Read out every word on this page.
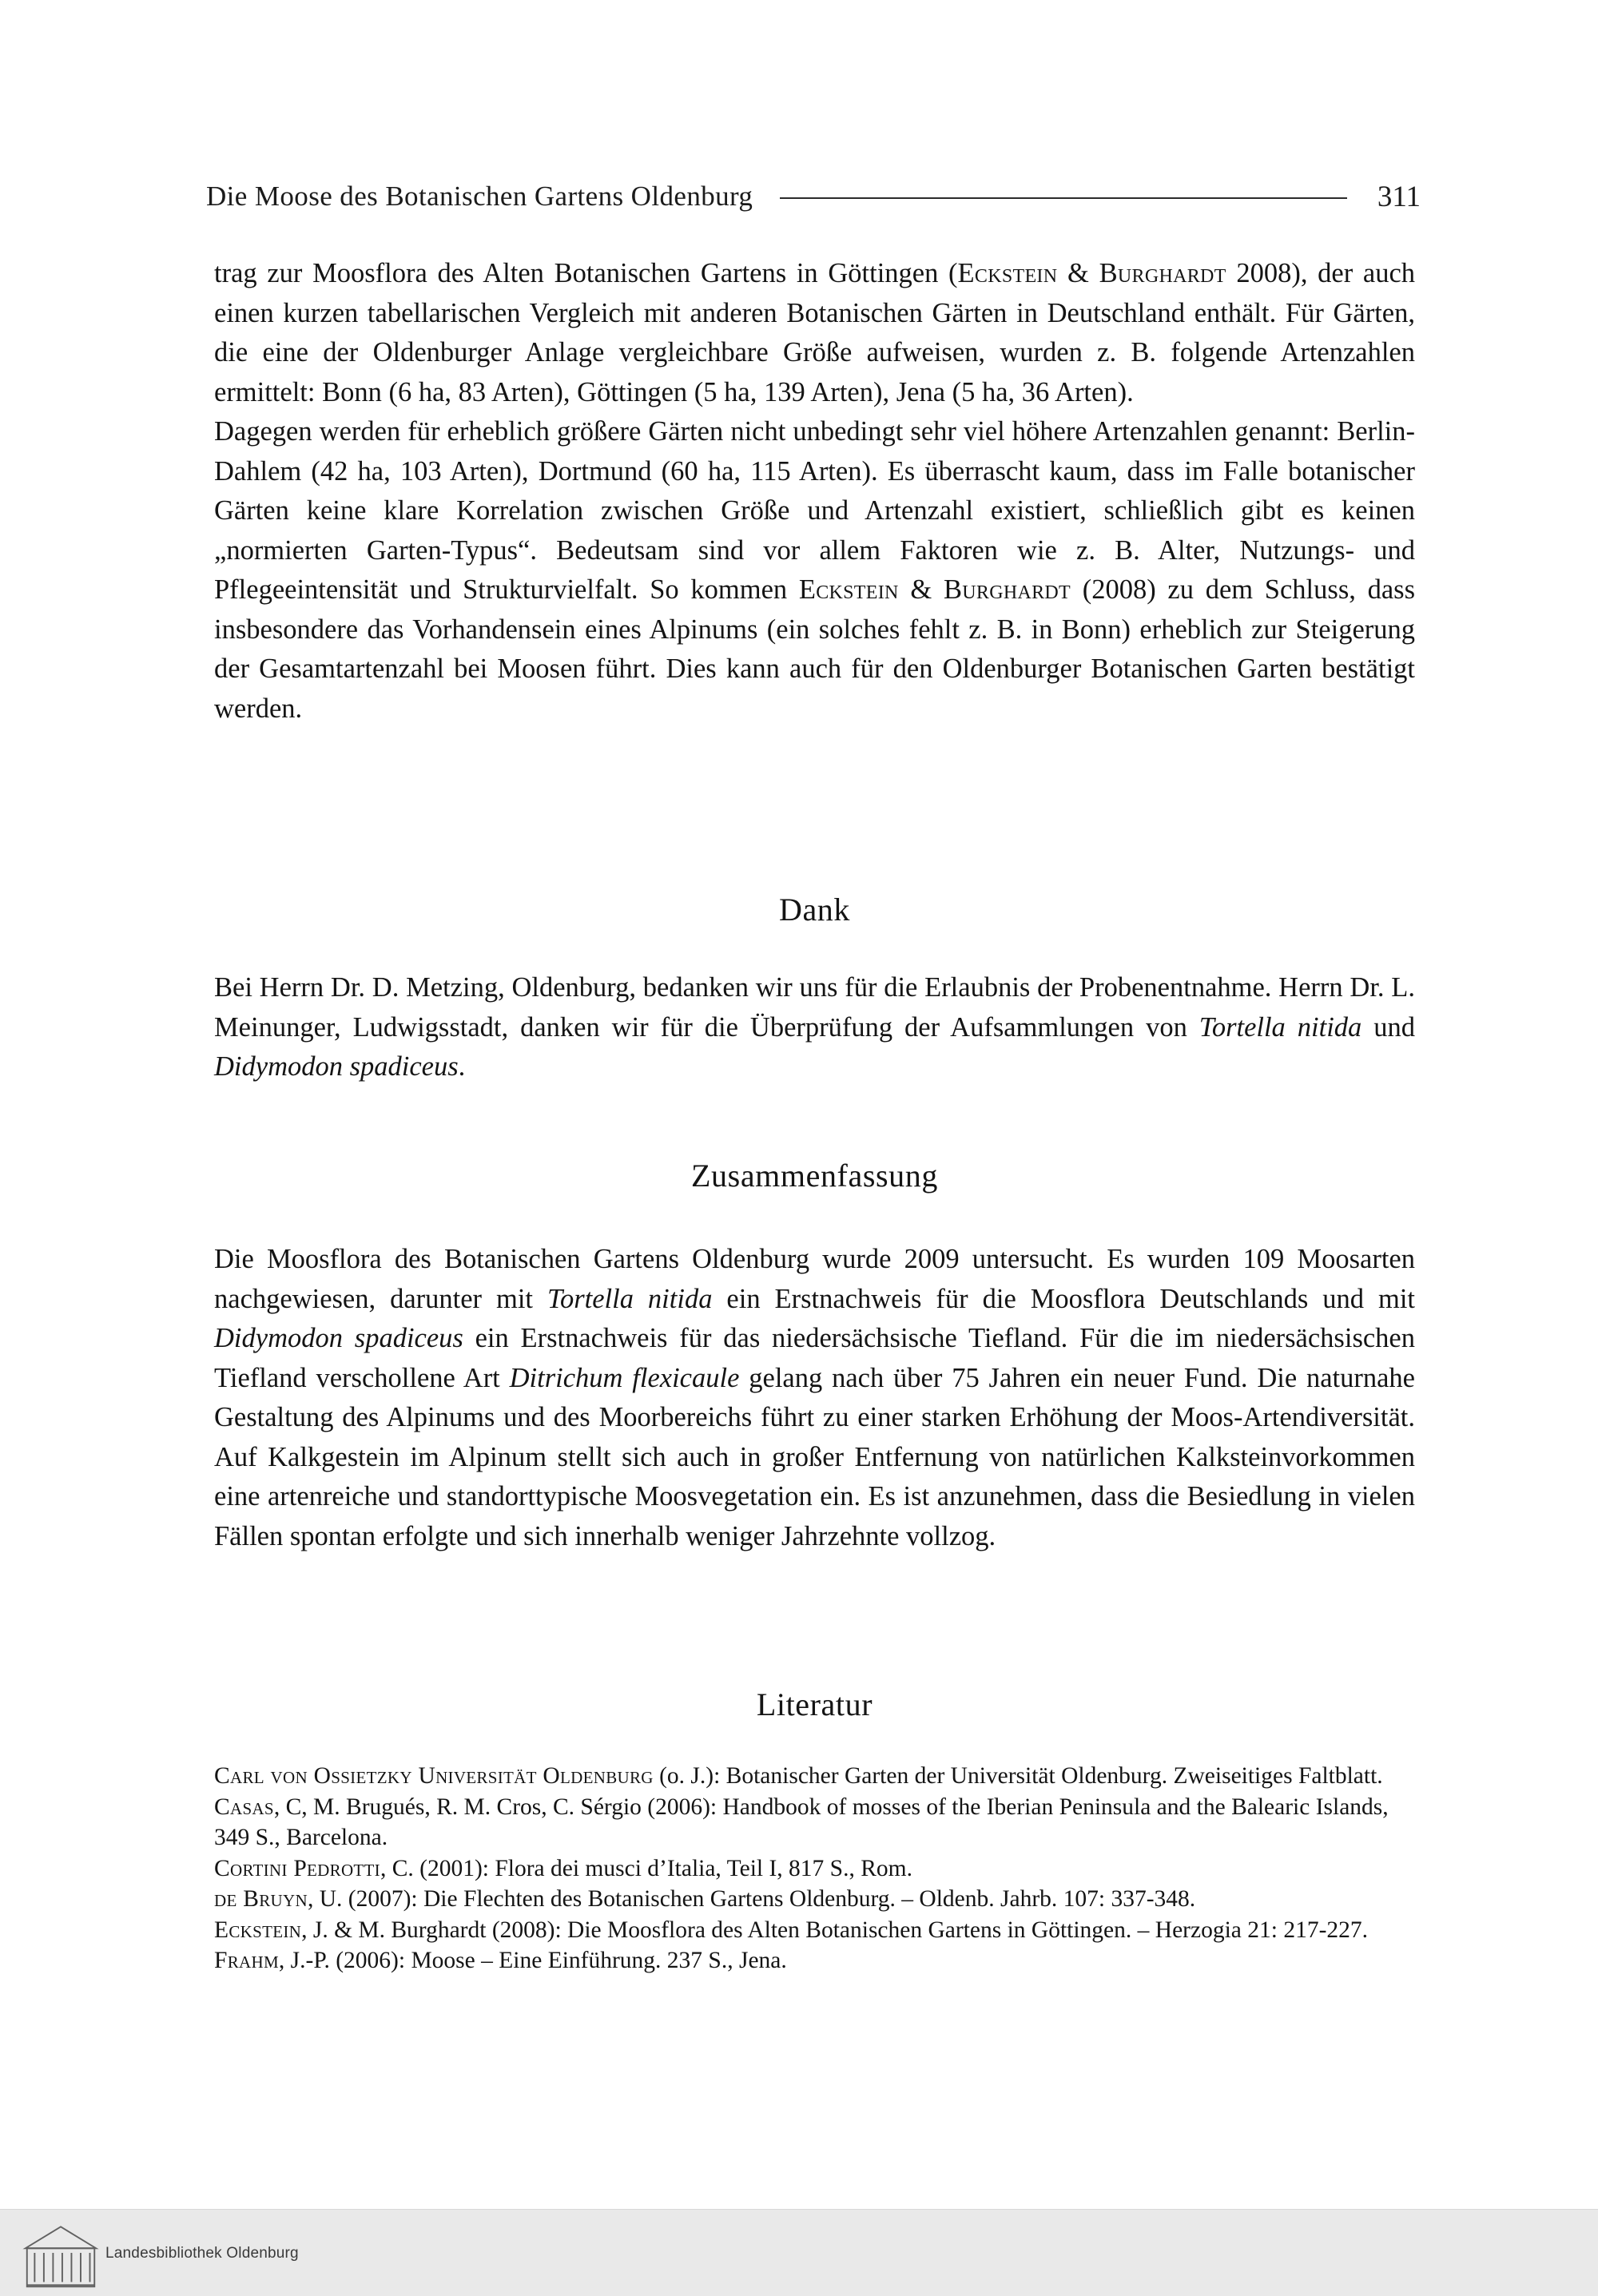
Die Moose des Botanischen Gartens Oldenburg	311

trag zur Moosflora des Alten Botanischen Gartens in Göttingen (Eckstein & Burghardt 2008), der auch einen kurzen tabellarischen Vergleich mit anderen Botanischen Gärten in Deutschland enthält. Für Gärten, die eine der Oldenburger Anlage vergleichbare Größe aufweisen, wurden z. B. folgende Artenzahlen ermittelt: Bonn (6 ha, 83 Arten), Göttingen (5 ha, 139 Arten), Jena (5 ha, 36 Arten).

Dagegen werden für erheblich größere Gärten nicht unbedingt sehr viel höhere Artenzahlen genannt: Berlin-Dahlem (42 ha, 103 Arten), Dortmund (60 ha, 115 Arten). Es überrascht kaum, dass im Falle botanischer Gärten keine klare Korrelation zwischen Größe und Artenzahl existiert, schließlich gibt es keinen „normierten Garten-Typus“. Bedeutsam sind vor allem Faktoren wie z. B. Alter, Nutzungs- und Pflegeeintensität und Strukturvielfalt. So kommen Eckstein & Burghardt (2008) zu dem Schluss, dass insbesondere das Vorhandensein eines Alpinums (ein solches fehlt z. B. in Bonn) erheblich zur Steigerung der Gesamtartenzahl bei Moosen führt. Dies kann auch für den Oldenburger Botanischen Garten bestätigt werden.

Dank

Bei Herrn Dr. D. Metzing, Oldenburg, bedanken wir uns für die Erlaubnis der Probenentnahme. Herrn Dr. L. Meinunger, Ludwigsstadt, danken wir für die Überprüfung der Aufsammlungen von Tortella nitida und Didymodon spadiceus.

Zusammenfassung

Die Moosflora des Botanischen Gartens Oldenburg wurde 2009 untersucht. Es wurden 109 Moosarten nachgewiesen, darunter mit Tortella nitida ein Erstnachweis für die Moosflora Deutschlands und mit Didymodon spadiceus ein Erstnachweis für das niedersächsische Tiefland. Für die im niedersächsischen Tiefland verschollene Art Ditrichum flexicaule gelang nach über 75 Jahren ein neuer Fund. Die naturnahe Gestaltung des Alpinums und des Moorbereichs führt zu einer starken Erhöhung der Moos-Artendiversität. Auf Kalkgestein im Alpinum stellt sich auch in großer Entfernung von natürlichen Kalksteinvorkommen eine artenreiche und standorttypische Moosvegetation ein. Es ist anzunehmen, dass die Besiedlung in vielen Fällen spontan erfolgte und sich innerhalb weniger Jahrzehnte vollzog.

Literatur

Carl von Ossietzky Universität Oldenburg (o. J.): Botanischer Garten der Universität Oldenburg. Zweiseitiges Faltblatt.

Casas, C, M. Brugués, R. M. Cros, C. Sérgio (2006): Handbook of mosses of the Iberian Peninsula and the Balearic Islands, 349 S., Barcelona.

Cortini Pedrotti, C. (2001): Flora dei musci d’Italia, Teil I, 817 S., Rom.

de Bruyn, U. (2007): Die Flechten des Botanischen Gartens Oldenburg. – Oldenb. Jahrb. 107: 337-348.

Eckstein, J. & M. Burghardt (2008): Die Moosflora des Alten Botanischen Gartens in Göttingen. – Herzogia 21: 217-227.

Frahm, J.-P. (2006): Moose – Eine Einführung. 237 S., Jena.

Landesbibliothek Oldenburg
